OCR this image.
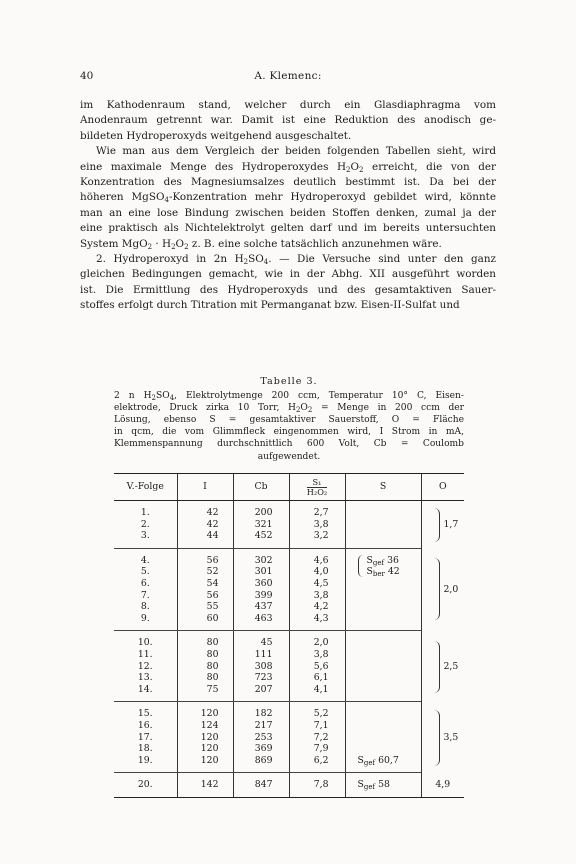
40	A. Klemenc:

im Kathodenraum stand, welcher durch ein Glasdiaphragma vom

Anodenraum getrennt war. Damit ist eine Reduktion des anodisch ge-

bildeten Hydroperoxyds weitgehend ausgeschaltet.

Wie man aus dem Vergleich der beiden folgenden Tabellen sieht, wird

eine maximale Menge des Hydroperoxydes $H_2O_2$ erreicht, die von der

Konzentration des Magnesiumsalzes deutlich bestimmt ist. Da bei der

höheren MgSO$_4$-Konzentration mehr Hydroperoxyd gebildet wird, könnte

man an eine lose Bindung zwischen beiden Stoffen denken, zumal ja der

eine praktisch als Nichtelektrolyt gelten darf und im bereits untersuchten

System $MgO_2 \cdot H_2O_2$ z. B. eine solche tatsächlich anzunehmen wäre.

2. Hydroperoxyd in 2n $H_2SO_4$. — Die Versuche sind unter den ganz

gleichen Bedingungen gemacht, wie in der Abhg. XII ausgeführt worden

ist. Die Ermittlung des Hydroperoxyds und des gesamtaktiven Sauer-

stoffes erfolgt durch Titration mit Permanganat bzw. Eisen-II-Sulfat und

Tabelle 3.
2 n $H_2SO_4$, Elektrolytmenge 200 ccm, Temperatur 10° C, Eisen-
elektrode, Druck zirka 10 Torr, $H_2O_2$ = Menge in 200 ccm der
Lösung, ebenso S = gesamtaktiver Sauerstoff, O = Fläche
in qcm, die vom Glimmfleck eingenommen wird, I Strom in mA,
Klemmenspannung durchschnittlich 600 Volt, Cb = Coulomb
aufgewendet.
V.-Folge	I	Cb	$\frac{\text{S₁}}{\text{H₂O₂}}$	S	O
1.	42	200	2,7		1,7

2.	42	321	3,8		
3.	44	452	3,2		
4.	56	302	4,6	$S_{gef}$ 36
$S_{ber}$ 42	2,0

5.	52	301	4,0		
6.	54	360	4,5		
7.	56	399	3,8		
8.	55	437	4,2		
9.	60	463	4,3		
10.	80	45	2,0		2,5

11.	80	111	3,8		
12.	80	308	5,6		
13.	80	723	6,1		
14.	75	207	4,1		
15.	120	182	5,2		3,5

16.	124	217	7,1		
17.	120	253	7,2		
18.	120	369	7,9		
19.	120	869	6,2	$S_{gef}$ 60,7	
20.	142	847	7,8	$S_{gef}$ 58	4,9
